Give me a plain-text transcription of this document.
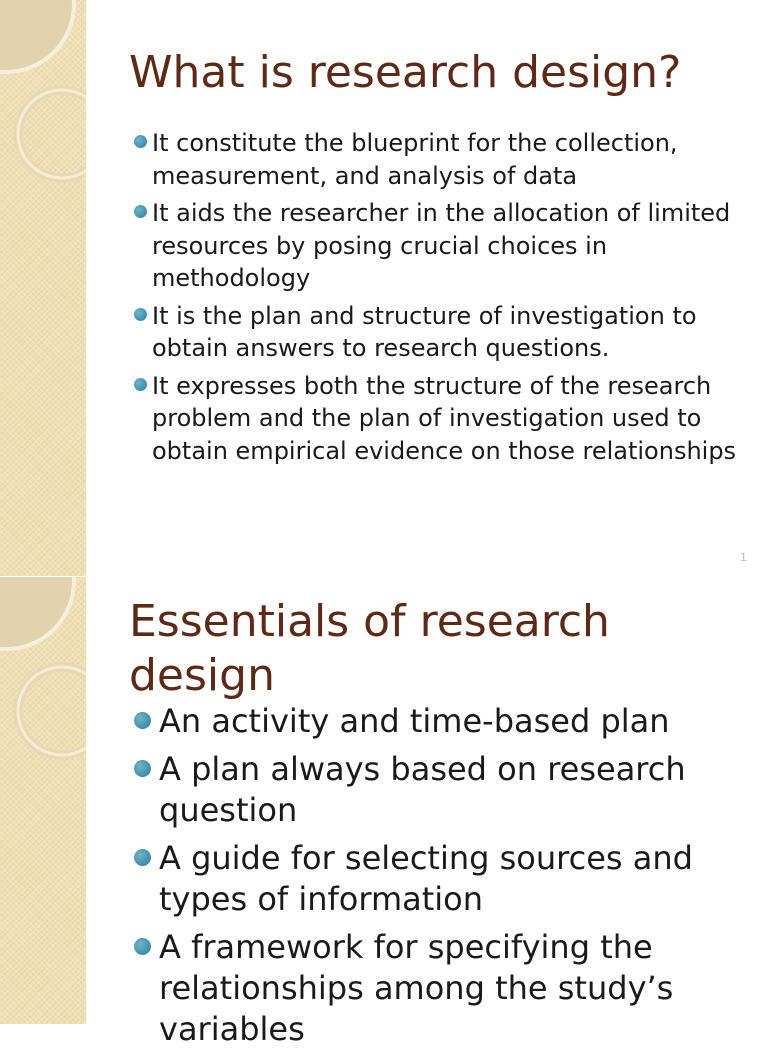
What is research design?
It constitute the blueprint for the collection, measurement, and analysis of data
It aids the researcher in the allocation of limited resources by posing crucial choices in methodology
It is the plan and structure of investigation to obtain answers to research questions.
It expresses both the structure of the research problem and the plan of investigation used to obtain empirical evidence on those relationships
1
Essentials of research design
An activity and time-based plan
A plan always based on research question
A guide for selecting sources and types of information
A framework for specifying the relationships among the study’s variables
